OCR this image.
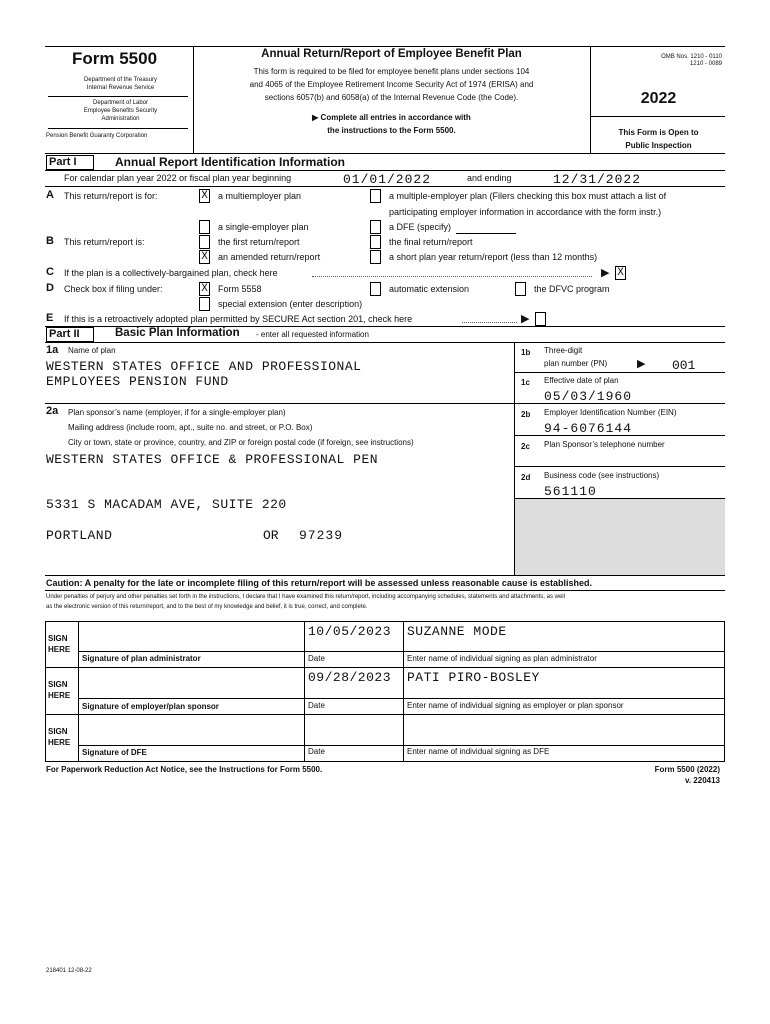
Form 5500
Department of the Treasury
Internal Revenue Service
Department of Labor
Employee Benefits Security
Administration
Pension Benefit Guaranty Corporation
Annual Return/Report of Employee Benefit Plan
This form is required to be filed for employee benefit plans under sections 104
and 4065 of the Employee Retirement Income Security Act of 1974 (ERISA) and
sections 6057(b) and 6058(a) of the Internal Revenue Code (the Code).
▶ Complete all entries in accordance with
the instructions to the Form 5500.
OMB Nos. 1210 - 0110
1210 - 0089
2022
This Form is Open to
Public Inspection
Part I	Annual Report Identification Information
For calendar plan year 2022 or fiscal plan year beginning	01/01/2022	and ending	12/31/2022
A This return/report is for:	X a multiemployer plan	a multiple-employer plan (Filers checking this box must attach a list of
participating employer information in accordance with the form instr.)
a single-employer plan	a DFE (specify)
B This return/report is:	the first return/report	the final return/report
X an amended return/report	a short plan year return/report (less than 12 months)
C If the plan is a collectively-bargained plan, check here	▶ X
D Check box if filing under:	X Form 5558	automatic extension	the DFVC program
special extension (enter description)
E If this is a retroactively adopted plan permitted by SECURE Act section 201, check here	▶
Part II	Basic Plan Information - enter all requested information
1a Name of plan
WESTERN STATES OFFICE AND PROFESSIONAL
EMPLOYEES PENSION FUND
1b Three-digit
plan number (PN)	▶ 001
1c Effective date of plan
05/03/1960
2a Plan sponsor’s name (employer, if for a single-employer plan)
Mailing address (include room, apt., suite no. and street, or P.O. Box)
City or town, state or province, country, and ZIP or foreign postal code (if foreign, see instructions)
WESTERN STATES OFFICE & PROFESSIONAL PEN
5331 S MACADAM AVE, SUITE 220
PORTLAND	OR 97239
2b Employer Identification Number (EIN)
94-6076144
2c Plan Sponsor’s telephone number
2d Business code (see instructions)
561110
Caution: A penalty for the late or incomplete filing of this return/report will be assessed unless reasonable cause is established.
Under penalties of perjury and other penalties set forth in the instructions, I declare that I have examined this return/report, including accompanying schedules, statements and attachments, as well
as the electronic version of this return/report, and to the best of my knowledge and belief, it is true, correct, and complete.
SIGN
HERE
10/05/2023 SUZANNE MODE
Signature of plan administrator	Date	Enter name of individual signing as plan administrator
SIGN
HERE
09/28/2023 PATI PIRO-BOSLEY
Signature of employer/plan sponsor	Date	Enter name of individual signing as employer or plan sponsor
SIGN
HERE
Signature of DFE	Date	Enter name of individual signing as DFE
For Paperwork Reduction Act Notice, see the Instructions for Form 5500.	Form 5500 (2022)
v. 220413
218401 12-08-22
